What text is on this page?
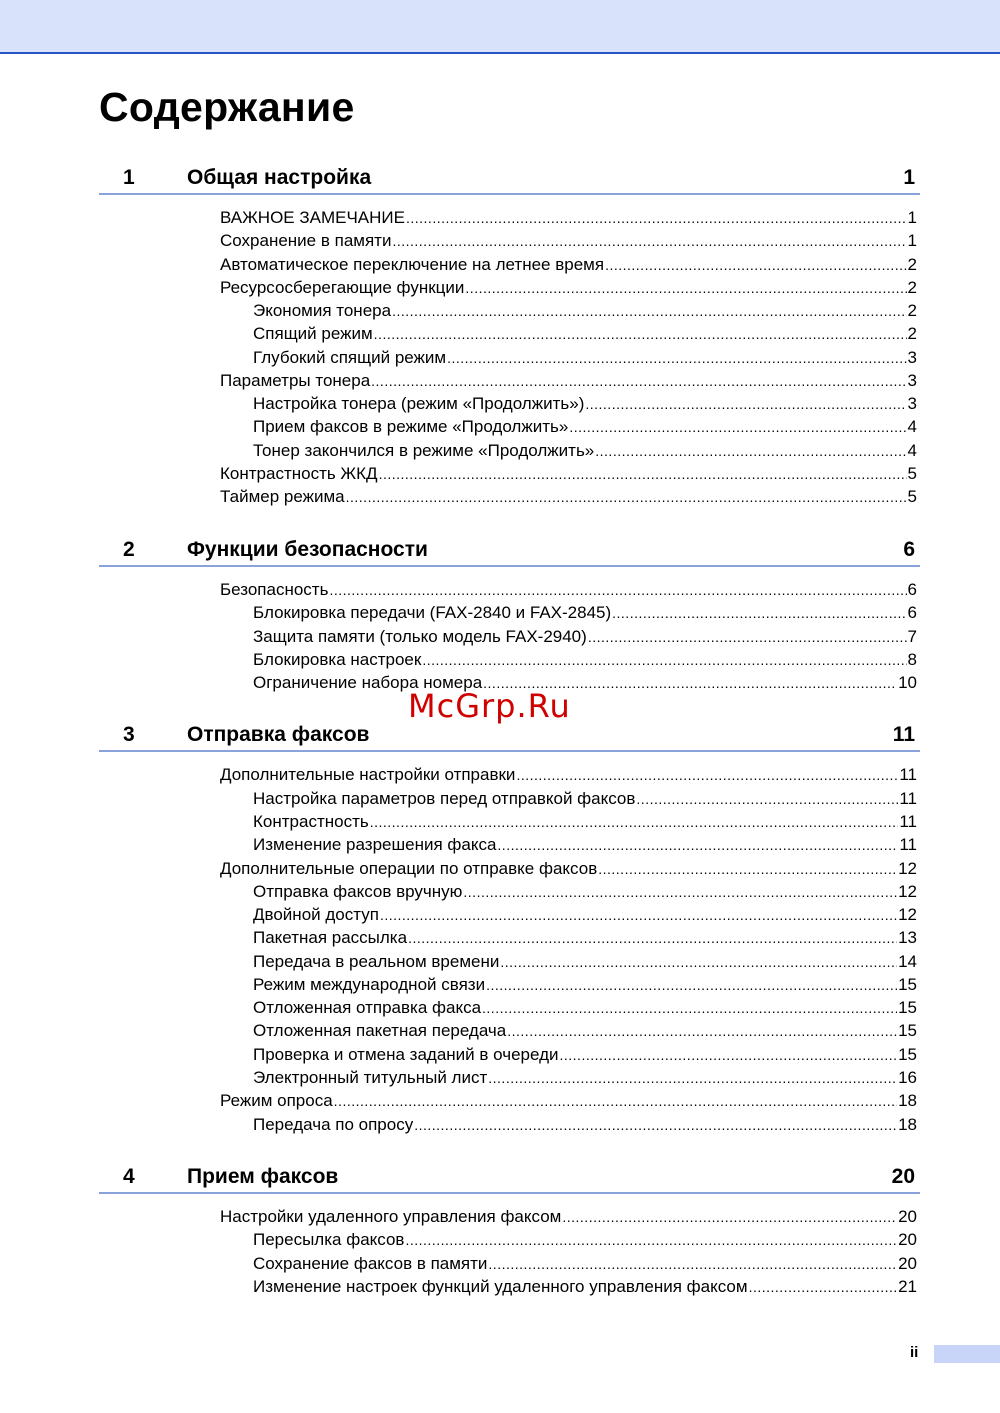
Содержание
1 Общая настройка	1
ВАЖНОЕ ЗАМЕЧАНИЕ .....	1
Сохранение в памяти .....	1
Автоматическое переключение на летнее время .....	2
Ресурсосберегающие функции .....	2
Экономия тонера .....	2
Спящий режим .....	2
Глубокий спящий режим .....	3
Параметры тонера .....	3
Настройка тонера (режим «Продолжить») .....	3
Прием факсов в режиме «Продолжить» .....	4
Тонер закончился в режиме «Продолжить» .....	4
Контрастность ЖКД .....	5
Таймер режима .....	5
2 Функции безопасности	6
Безопасность .....	6
Блокировка передачи (FAX-2840 и FAX-2845) .....	6
Защита памяти (только модель FAX-2940) .....	7
Блокировка настроек .....	8
Ограничение набора номера .....	10
3 Отправка факсов	11
Дополнительные настройки отправки .....	11
Настройка параметров перед отправкой факсов .....	11
Контрастность .....	11
Изменение разрешения факса .....	11
Дополнительные операции по отправке факсов .....	12
Отправка факсов вручную .....	12
Двойной доступ .....	12
Пакетная рассылка .....	13
Передача в реальном времени .....	14
Режим международной связи .....	15
Отложенная отправка факса .....	15
Отложенная пакетная передача .....	15
Проверка и отмена заданий в очереди .....	15
Электронный титульный лист .....	16
Режим опроса .....	18
Передача по опросу .....	18
4 Прием факсов	20
Настройки удаленного управления факсом .....	20
Пересылка факсов .....	20
Сохранение факсов в памяти .....	20
Изменение настроек функций удаленного управления факсом .....	21
McGrp.Ru
ii
